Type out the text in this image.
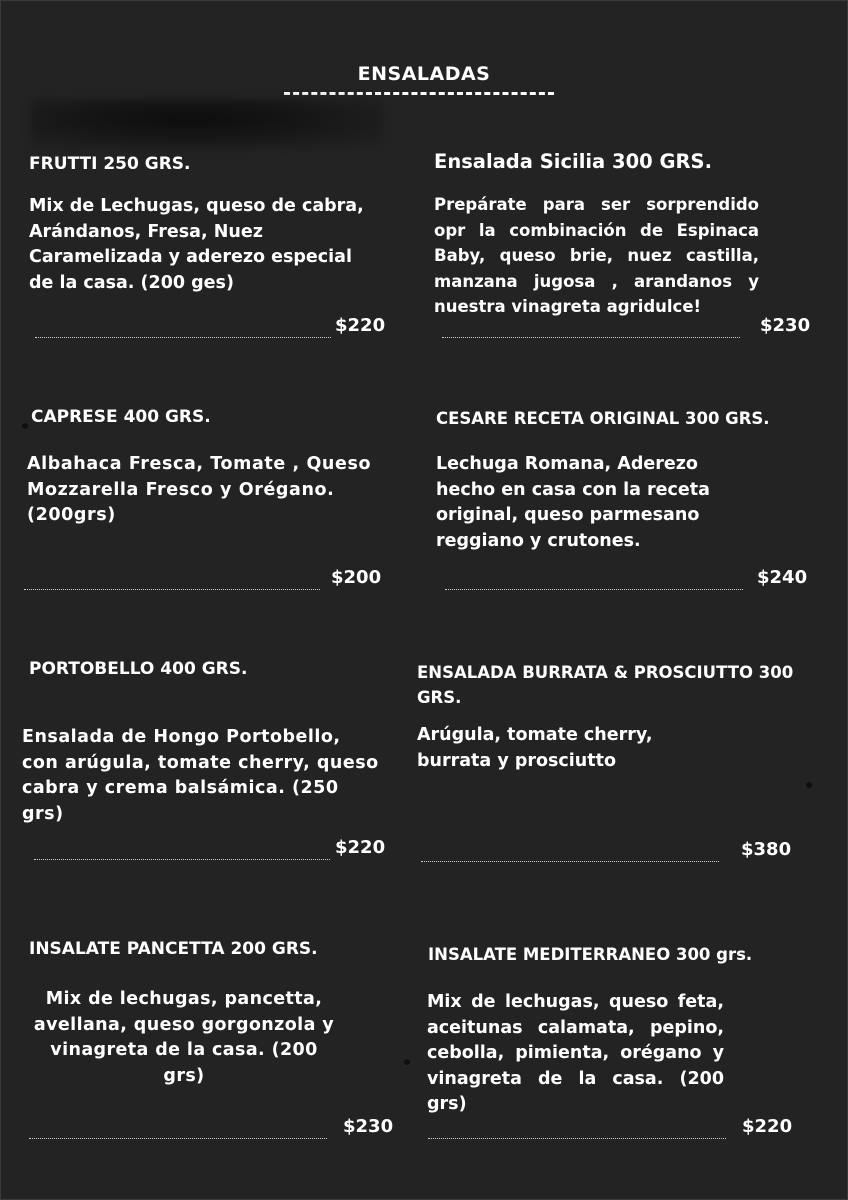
ENSALADAS
FRUTTI 250 GRS.
Mix de Lechugas, queso de cabra, Arándanos, Fresa, Nuez Caramelizada y aderezo especial de la casa. (200 ges)
$220
Ensalada Sicilia 300 GRS.
Prepárate para ser sorprendido opr la combinación de Espinaca Baby, queso brie, nuez castilla, manzana jugosa , arandanos y nuestra vinagreta agridulce!
$230
CAPRESE 400 GRS.
Albahaca Fresca, Tomate , Queso Mozzarella Fresco y Orégano. (200grs)
$200
CESARE RECETA ORIGINAL 300 GRS.
Lechuga Romana, Aderezo hecho en casa con la receta original, queso parmesano reggiano y crutones.
$240
PORTOBELLO 400 GRS.
Ensalada de Hongo Portobello, con arúgula, tomate cherry, queso cabra y crema balsámica. (250 grs)
$220
ENSALADA BURRATA & PROSCIUTTO 300 GRS.
Arúgula, tomate cherry, burrata y prosciutto
$380
INSALATE PANCETTA 200 GRS.
Mix de lechugas, pancetta, avellana, queso gorgonzola y vinagreta de la casa. (200 grs)
$230
INSALATE MEDITERRANEO 300 grs.
Mix de lechugas, queso feta, aceitunas calamata, pepino, cebolla, pimienta, orégano y vinagreta de la casa. (200 grs)
$220
